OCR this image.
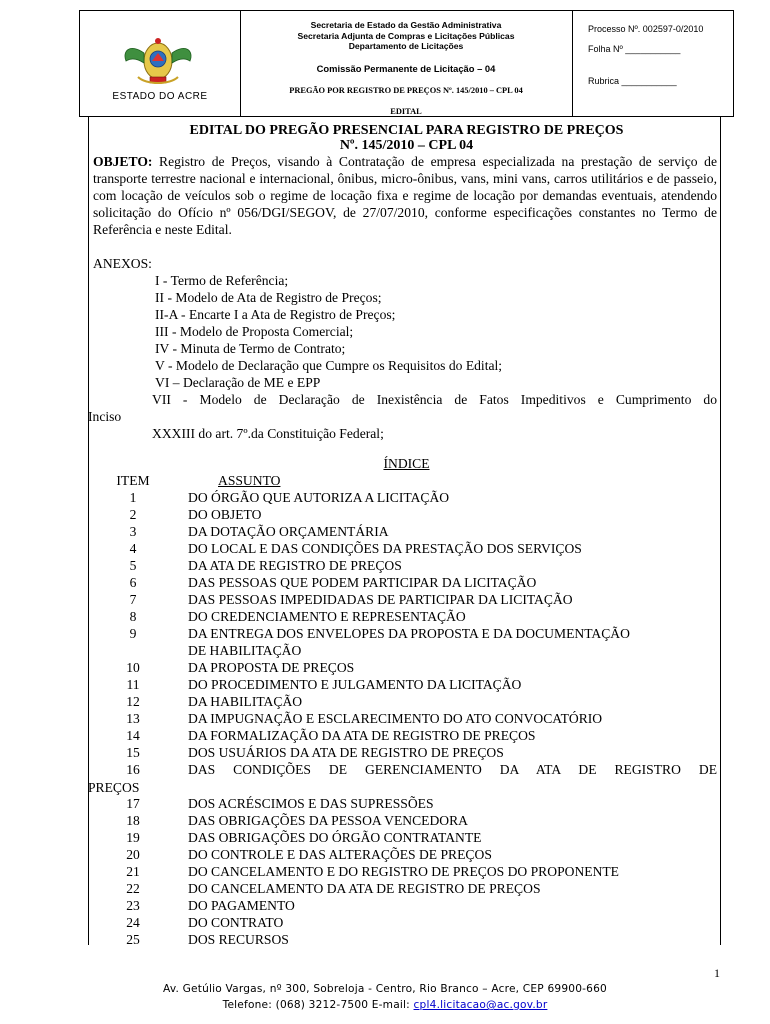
ESTADO DO ACRE
Secretaria de Estado da Gestão Administrativa
Secretaria Adjunta de Compras e Licitações Públicas
Departamento de Licitações
Comissão Permanente de Licitação – 04
PREGÃO POR REGISTRO DE PREÇOS Nº. 145/2010 – CPL 04
EDITAL
Processo Nº. 002597-0/2010
Folha Nº ___________
Rubrica ___________
EDITAL DO PREGÃO PRESENCIAL PARA REGISTRO DE PREÇOS
Nº. 145/2010 – CPL 04
OBJETO: Registro de Preços, visando à Contratação de empresa especializada na prestação de serviço de transporte terrestre nacional e internacional, ônibus, micro-ônibus, vans, mini vans, carros utilitários e de passeio, com locação de veículos sob o regime de locação fixa e regime de locação por demandas eventuais, atendendo solicitação do Ofício nº 056/DGI/SEGOV, de 27/07/2010, conforme especificações constantes no Termo de Referência e neste Edital.
ANEXOS:
I - Termo de Referência;
II - Modelo de Ata de Registro de Preços;
II-A - Encarte I a Ata de Registro de Preços;
III - Modelo de Proposta Comercial;
IV - Minuta de Termo de Contrato;
V - Modelo de Declaração que Cumpre os Requisitos do Edital;
VI – Declaração de ME e EPP
VII - Modelo de Declaração de Inexistência de Fatos Impeditivos e Cumprimento do
Inciso
XXXIII do art. 7º.da Constituição Federal;
ÍNDICE
ITEM	ASSUNTO
1	DO ÓRGÃO QUE AUTORIZA A LICITAÇÃO
2	DO OBJETO
3	DA DOTAÇÃO ORÇAMENTÁRIA
4	DO LOCAL E DAS CONDIÇÕES DA PRESTAÇÃO DOS SERVIÇOS
5	DA ATA DE REGISTRO DE PREÇOS
6	DAS PESSOAS QUE PODEM PARTICIPAR DA LICITAÇÃO
7	DAS PESSOAS IMPEDIDADAS DE PARTICIPAR DA LICITAÇÃO
8	DO CREDENCIAMENTO E REPRESENTAÇÃO
9	DA ENTREGA DOS ENVELOPES DA PROPOSTA E DA DOCUMENTAÇÃO
DE HABILITAÇÃO
10	DA PROPOSTA DE PREÇOS
11	DO PROCEDIMENTO E JULGAMENTO DA LICITAÇÃO
12	DA HABILITAÇÃO
13	DA IMPUGNAÇÃO E ESCLARECIMENTO DO ATO CONVOCATÓRIO
14	DA FORMALIZAÇÃO DA ATA DE REGISTRO DE PREÇOS
15	DOS USUÁRIOS DA ATA DE REGISTRO DE PREÇOS
16	DAS CONDIÇÕES DE GERENCIAMENTO DA ATA DE REGISTRO DE
PREÇOS
17	DOS ACRÉSCIMOS E DAS SUPRESSÕES
18	DAS OBRIGAÇÕES DA PESSOA VENCEDORA
19	DAS OBRIGAÇÕES DO ÓRGÃO CONTRATANTE
20	DO CONTROLE E DAS ALTERAÇÕES DE PREÇOS
21	DO CANCELAMENTO E DO REGISTRO DE PREÇOS DO PROPONENTE
22	DO CANCELAMENTO DA ATA DE REGISTRO DE PREÇOS
23	DO PAGAMENTO
24	DO CONTRATO
25	DOS RECURSOS
1
Av. Getúlio Vargas, nº 300, Sobreloja - Centro, Rio Branco – Acre, CEP 69900-660
Telefone: (068) 3212-7500 E-mail: cpl4.licitacao@ac.gov.br
